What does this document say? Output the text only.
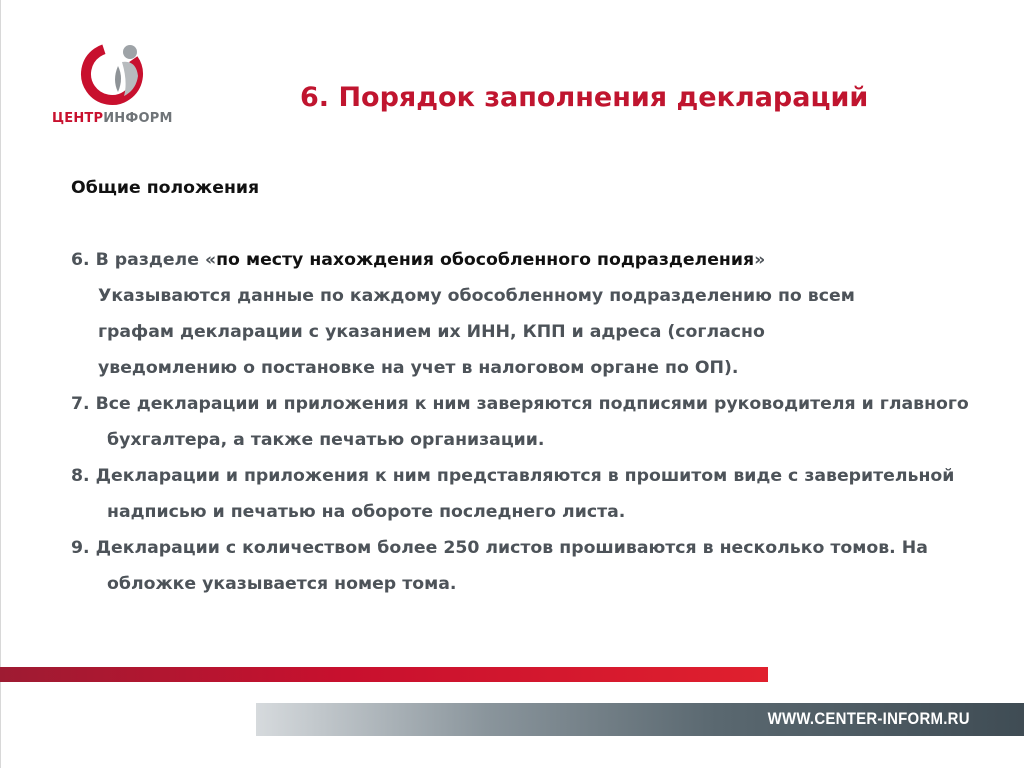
ЦЕНТРИНФОРМ
6. Порядок заполнения деклараций
Общие положения
6. В разделе «по месту нахождения обособленного подразделения»
Указываются данные по каждому обособленному подразделению по всем
графам декларации с указанием их ИНН, КПП и адреса (согласно
уведомлению о постановке на учет в налоговом органе по ОП).
7. Все декларации и приложения к ним заверяются подписями руководителя и главного бухгалтера, а также печатью организации.
8. Декларации и приложения к ним представляются в прошитом виде с заверительной надписью и печатью на обороте последнего листа.
9. Декларации с количеством более 250 листов прошиваются в несколько томов. На обложке указывается номер тома.
WWW.CENTER-INFORM.RU
